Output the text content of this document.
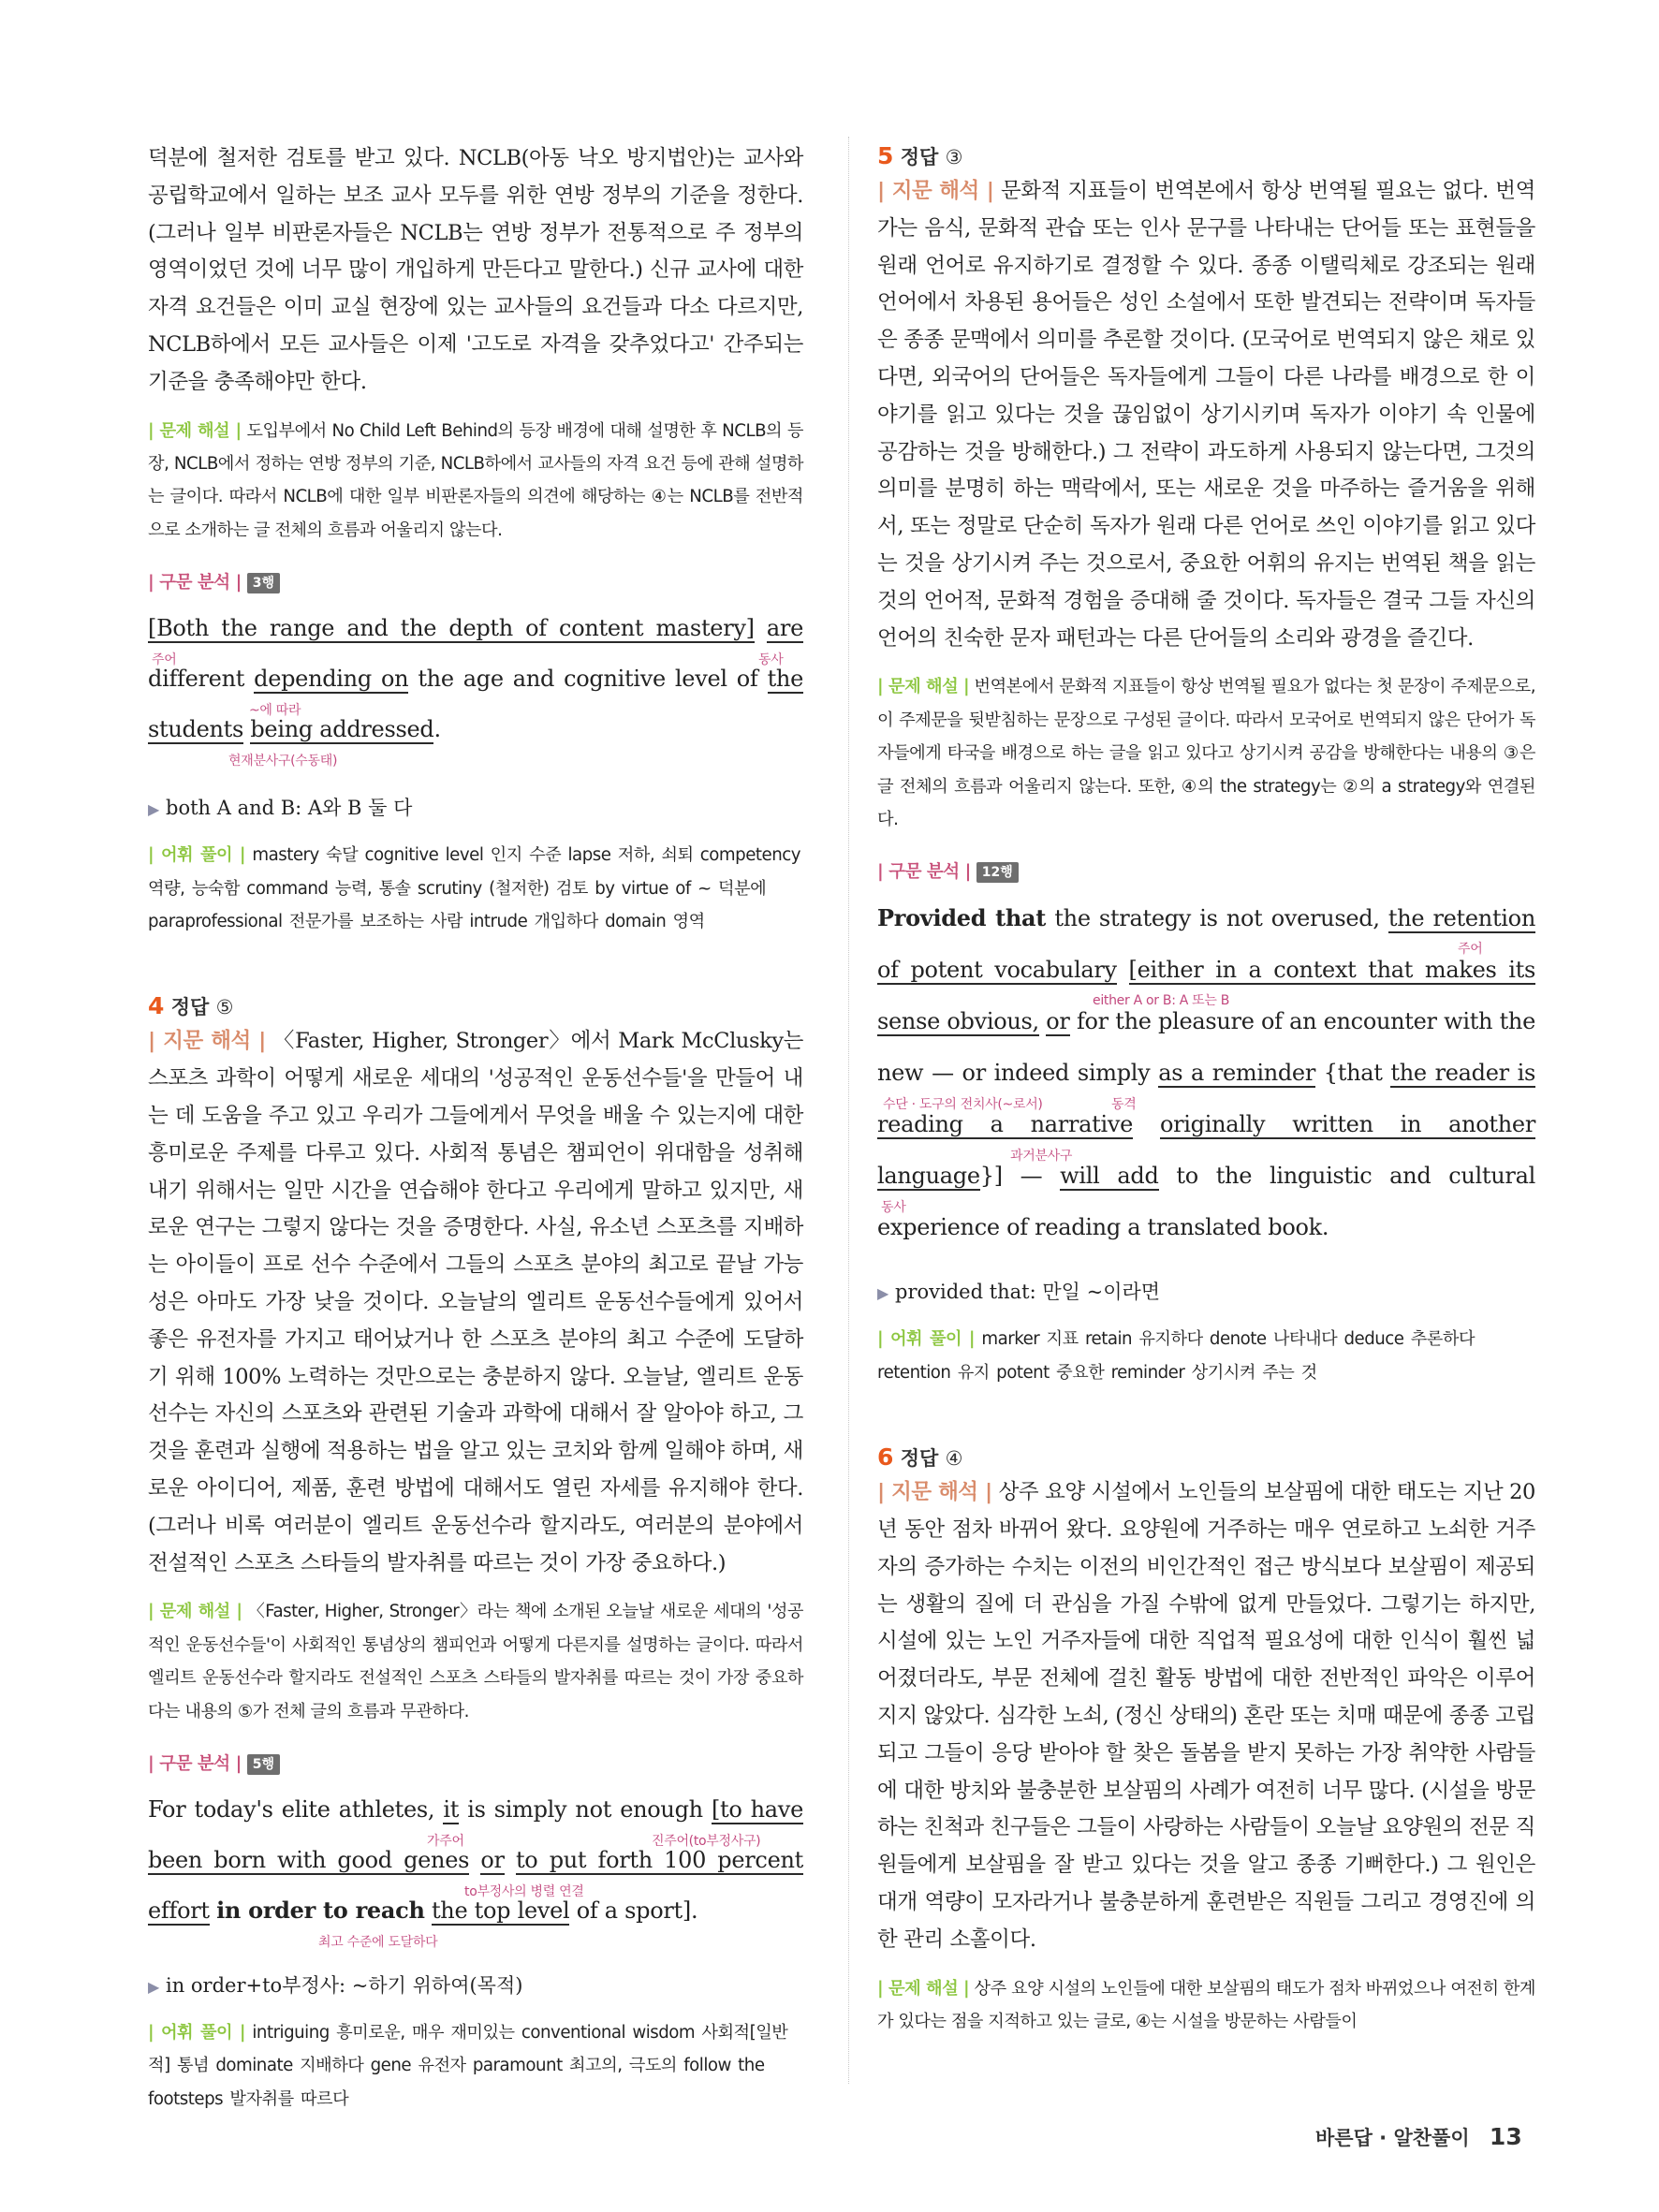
덕분에 철저한 검토를 받고 있다. NCLB(아동 낙오 방지법안)는 교사와 공립학교에서 일하는 보조 교사 모두를 위한 연방 정부의 기준을 정한다. (그러나 일부 비판론자들은 NCLB는 연방 정부가 전통적으로 주 정부의 영역이었던 것에 너무 많이 개입하게 만든다고 말한다.) 신규 교사에 대한 자격 요건들은 이미 교실 현장에 있는 교사들의 요건들과 다소 다르지만, NCLB하에서 모든 교사들은 이제 '고도로 자격을 갖추었다고' 간주되는 기준을 충족해야만 한다.

| 문제 해설 | 도입부에서 No Child Left Behind의 등장 배경에 대해 설명한 후 NCLB의 등장, NCLB에서 정하는 연방 정부의 기준, NCLB하에서 교사들의 자격 요건 등에 관해 설명하는 글이다. 따라서 NCLB에 대한 일부 비판론자들의 의견에 해당하는 ④는 NCLB를 전반적으로 소개하는 글 전체의 흐름과 어울리지 않는다.

| 구문 분석 | 3행

[Both the range and the depth of content mastery] are different depending on the age and cognitive level of the students being addressed.
주어	동사
~에 따라
현재분사구(수동태)

▶ both A and B: A와 B 둘 다

| 어휘 풀이 | mastery 숙달 cognitive level 인지 수준 lapse 저하, 쇠퇴 competency 역량, 능숙함 command 능력, 통솔 scrutiny (철저한) 검토 by virtue of ~ 덕분에 paraprofessional 전문가를 보조하는 사람 intrude 개입하다 domain 영역

4 정답 ⑤

| 지문 해석 | 〈Faster, Higher, Stronger〉에서 Mark McClusky는 스포츠 과학이 어떻게 새로운 세대의 '성공적인 운동선수들'을 만들어 내는 데 도움을 주고 있고 우리가 그들에게서 무엇을 배울 수 있는지에 대한 흥미로운 주제를 다루고 있다. 사회적 통념은 챔피언이 위대함을 성취해 내기 위해서는 일만 시간을 연습해야 한다고 우리에게 말하고 있지만, 새로운 연구는 그렇지 않다는 것을 증명한다. 사실, 유소년 스포츠를 지배하는 아이들이 프로 선수 수준에서 그들의 스포츠 분야의 최고로 끝날 가능성은 아마도 가장 낮을 것이다. 오늘날의 엘리트 운동선수들에게 있어서 좋은 유전자를 가지고 태어났거나 한 스포츠 분야의 최고 수준에 도달하기 위해 100% 노력하는 것만으로는 충분하지 않다. 오늘날, 엘리트 운동선수는 자신의 스포츠와 관련된 기술과 과학에 대해서 잘 알아야 하고, 그것을 훈련과 실행에 적용하는 법을 알고 있는 코치와 함께 일해야 하며, 새로운 아이디어, 제품, 훈련 방법에 대해서도 열린 자세를 유지해야 한다. (그러나 비록 여러분이 엘리트 운동선수라 할지라도, 여러분의 분야에서 전설적인 스포츠 스타들의 발자취를 따르는 것이 가장 중요하다.)

| 문제 해설 | 〈Faster, Higher, Stronger〉라는 책에 소개된 오늘날 새로운 세대의 '성공적인 운동선수들'이 사회적인 통념상의 챔피언과 어떻게 다른지를 설명하는 글이다. 따라서 엘리트 운동선수라 할지라도 전설적인 스포츠 스타들의 발자취를 따르는 것이 가장 중요하다는 내용의 ⑤가 전체 글의 흐름과 무관하다.

| 구문 분석 | 5행

For today's elite athletes, it is simply not enough [to have been born with good genes or to put forth 100 percent effort in order to reach the top level of a sport].
가주어	진주어(to부정사구)
to부정사의 병렬 연결
최고 수준에 도달하다

▶ in order+to부정사: ~하기 위하여(목적)

| 어휘 풀이 | intriguing 흥미로운, 매우 재미있는 conventional wisdom 사회적[일반적] 통념 dominate 지배하다 gene 유전자 paramount 최고의, 극도의 follow the footsteps 발자취를 따르다

5 정답 ③

| 지문 해석 | 문화적 지표들이 번역본에서 항상 번역될 필요는 없다. 번역가는 음식, 문화적 관습 또는 인사 문구를 나타내는 단어들 또는 표현들을 원래 언어로 유지하기로 결정할 수 있다. 종종 이탤릭체로 강조되는 원래 언어에서 차용된 용어들은 성인 소설에서 또한 발견되는 전략이며 독자들은 종종 문맥에서 의미를 추론할 것이다. (모국어로 번역되지 않은 채로 있다면, 외국어의 단어들은 독자들에게 그들이 다른 나라를 배경으로 한 이야기를 읽고 있다는 것을 끊임없이 상기시키며 독자가 이야기 속 인물에 공감하는 것을 방해한다.) 그 전략이 과도하게 사용되지 않는다면, 그것의 의미를 분명히 하는 맥락에서, 또는 새로운 것을 마주하는 즐거움을 위해서, 또는 정말로 단순히 독자가 원래 다른 언어로 쓰인 이야기를 읽고 있다는 것을 상기시켜 주는 것으로서, 중요한 어휘의 유지는 번역된 책을 읽는 것의 언어적, 문화적 경험을 증대해 줄 것이다. 독자들은 결국 그들 자신의 언어의 친숙한 문자 패턴과는 다른 단어들의 소리와 광경을 즐긴다.

| 문제 해설 | 번역본에서 문화적 지표들이 항상 번역될 필요가 없다는 첫 문장이 주제문으로, 이 주제문을 뒷받침하는 문장으로 구성된 글이다. 따라서 모국어로 번역되지 않은 단어가 독자들에게 타국을 배경으로 하는 글을 읽고 있다고 상기시켜 공감을 방해한다는 내용의 ③은 글 전체의 흐름과 어울리지 않는다. 또한, ④의 the strategy는 ②의 a strategy와 연결된다.

| 구문 분석 | 12행

Provided that the strategy is not overused, the retention of potent vocabulary [either in a context that makes its sense obvious, or for the pleasure of an encounter with the new — or indeed simply as a reminder {that the reader is reading a narrative originally written in another language}] — will add to the linguistic and cultural experience of reading a translated book.
주어
either A or B: A 또는 B
수단 · 도구의 전치사(~로서)	동격
과거분사구
동사

▶ provided that: 만일 ~이라면

| 어휘 풀이 | marker 지표 retain 유지하다 denote 나타내다 deduce 추론하다 retention 유지 potent 중요한 reminder 상기시켜 주는 것

6 정답 ④

| 지문 해석 | 상주 요양 시설에서 노인들의 보살핌에 대한 태도는 지난 20년 동안 점차 바뀌어 왔다. 요양원에 거주하는 매우 연로하고 노쇠한 거주자의 증가하는 수치는 이전의 비인간적인 접근 방식보다 보살핌이 제공되는 생활의 질에 더 관심을 가질 수밖에 없게 만들었다. 그렇기는 하지만, 시설에 있는 노인 거주자들에 대한 직업적 필요성에 대한 인식이 훨씬 넓어졌더라도, 부문 전체에 걸친 활동 방법에 대한 전반적인 파악은 이루어지지 않았다. 심각한 노쇠, (정신 상태의) 혼란 또는 치매 때문에 종종 고립되고 그들이 응당 받아야 할 찾은 돌봄을 받지 못하는 가장 취약한 사람들에 대한 방치와 불충분한 보살핌의 사례가 여전히 너무 많다. (시설을 방문하는 친척과 친구들은 그들이 사랑하는 사람들이 오늘날 요양원의 전문 직원들에게 보살핌을 잘 받고 있다는 것을 알고 종종 기뻐한다.) 그 원인은 대개 역량이 모자라거나 불충분하게 훈련받은 직원들 그리고 경영진에 의한 관리 소홀이다.

| 문제 해설 | 상주 요양 시설의 노인들에 대한 보살핌의 태도가 점차 바뀌었으나 여전히 한계가 있다는 점을 지적하고 있는 글로, ④는 시설을 방문하는 사람들이

바른답 · 알찬풀이 13
